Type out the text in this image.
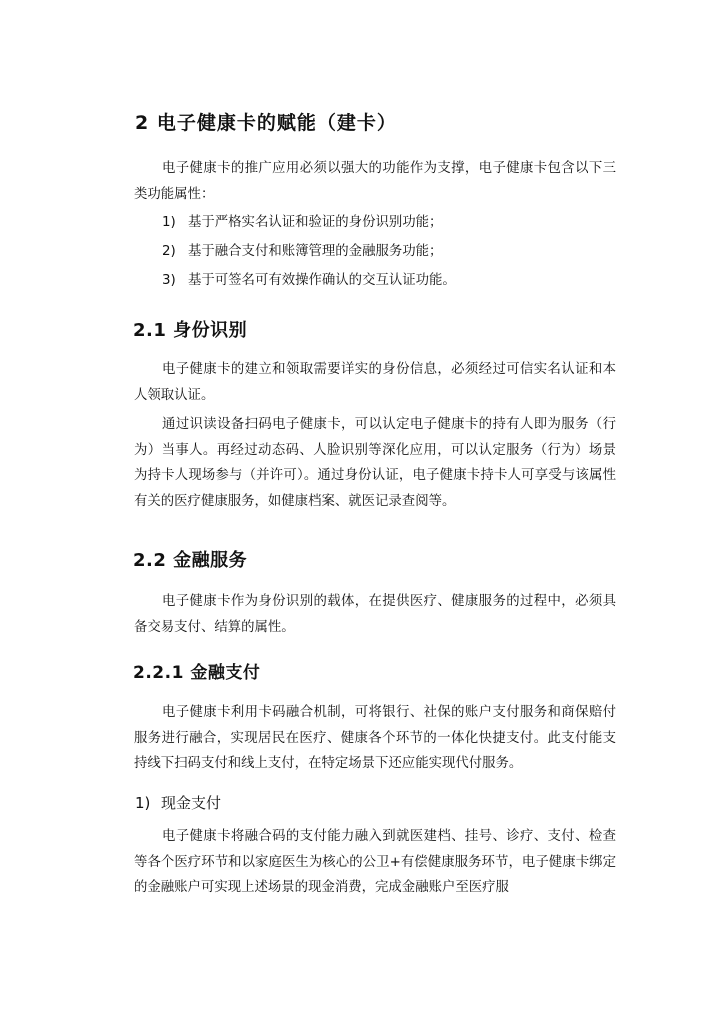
2 电子健康卡的赋能（建卡）

电子健康卡的推广应用必须以强大的功能作为支撑，电子健康卡包含以下三类功能属性：

1) 基于严格实名认证和验证的身份识别功能；
2) 基于融合支付和账簿管理的金融服务功能；
3) 基于可签名可有效操作确认的交互认证功能。
2.1 身份识别

电子健康卡的建立和领取需要详实的身份信息，必须经过可信实名认证和本人领取认证。

通过识读设备扫码电子健康卡，可以认定电子健康卡的持有人即为服务（行为）当事人。再经过动态码、人脸识别等深化应用，可以认定服务（行为）场景为持卡人现场参与（并许可）。通过身份认证，电子健康卡持卡人可享受与该属性有关的医疗健康服务，如健康档案、就医记录查阅等。

2.2 金融服务

电子健康卡作为身份识别的载体，在提供医疗、健康服务的过程中，必须具备交易支付、结算的属性。

2.2.1 金融支付

电子健康卡利用卡码融合机制，可将银行、社保的账户支付服务和商保赔付服务进行融合，实现居民在医疗、健康各个环节的一体化快捷支付。此支付能支持线下扫码支付和线上支付，在特定场景下还应能实现代付服务。

1) 现金支付

电子健康卡将融合码的支付能力融入到就医建档、挂号、诊疗、支付、检查等各个医疗环节和以家庭医生为核心的公卫+有偿健康服务环节，电子健康卡绑定的金融账户可实现上述场景的现金消费，完成金融账户至医疗服
